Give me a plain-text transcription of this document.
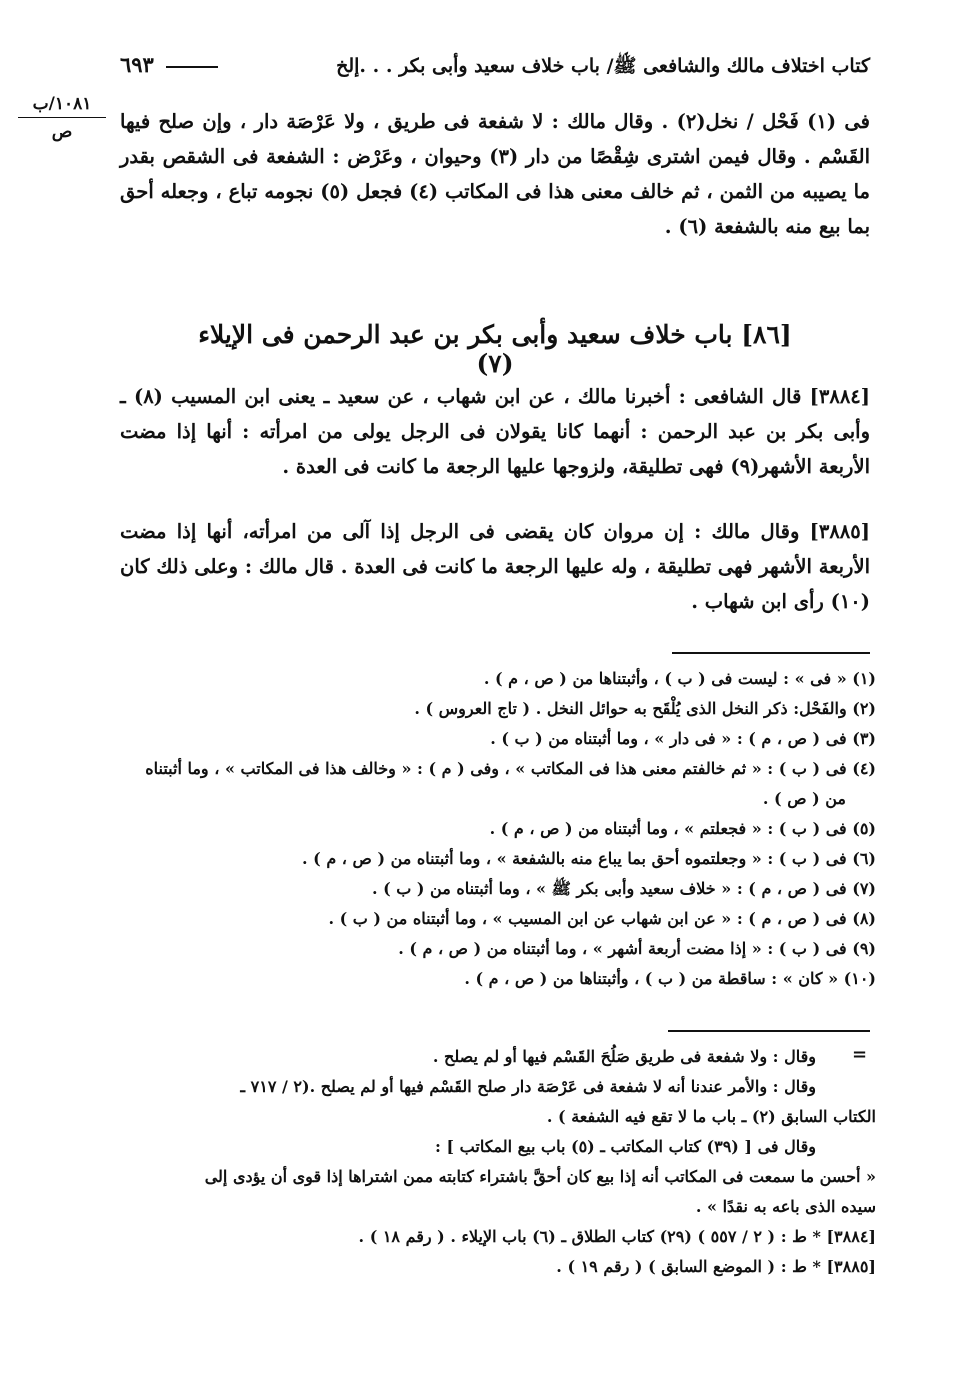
كتاب اختلاف مالك والشافعى ﷺ/ باب خلاف سعيد وأبى بكر . . .إلخ
٦٩٣
١٠٨١/ب
ص	فى (١) فَحْل / نخل(٢) . وقال مالك : لا شفعة فى طريق ، ولا عَرْصَة دار ، وإن صلح فيها القَسْم . وقال فيمن اشترى شِقْصًا من دار (٣) وحيوان ، وعَرْض : الشفعة فى الشقص بقدر ما يصيبه من الثمن ، ثم خالف معنى هذا فى المكاتب (٤) فجعل (٥) نجومه تباع ، وجعله أحق بما بيع منه بالشفعة (٦) .
[٨٦] باب خلاف سعيد وأبى بكر بن عبد الرحمن فى الإيلاء (٧)
[٣٨٨٤] قال الشافعى : أخبرنا مالك ، عن ابن شهاب ، عن سعيد ـ يعنى ابن المسيب (٨) ـ وأبى بكر بن عبد الرحمن : أنهما كانا يقولان فى الرجل يولى من امرأته : أنها إذا مضت الأربعة الأشهر(٩) فهى تطليقة، ولزوجها عليها الرجعة ما كانت فى العدة .
[٣٨٨٥] وقال مالك : إن مروان كان يقضى فى الرجل إذا آلى من امرأته، أنها إذا مضت الأربعة الأشهر فهى تطليقة ، وله عليها الرجعة ما كانت فى العدة . قال مالك : وعلى ذلك كان (١٠) رأى ابن شهاب .
(١) « فى » : ليست فى ( ب ) ، وأثبتناها من ( ص ، م ) .
(٢) والفَحْل: ذكر النخل الذى يُلْقَح به حوائل النخل . ( تاج العروس ) .
(٣) فى ( ص ، م ) : « فى دار » ، وما أثبتناه من ( ب ) .
(٤) فى ( ب ) : « ثم خالفتم معنى هذا فى المكاتب » ، وفى ( م ) : « وخالف هذا فى المكاتب » ، وما أثبتناه
من ( ص ) .
(٥) فى ( ب ) : « فجعلتم » ، وما أثبتناه من ( ص ، م ) .
(٦) فى ( ب ) : « وجعلتموه أحق بما يباع منه بالشفعة » ، وما أثبتناه من ( ص ، م ) .
(٧) فى ( ص ، م ) : « خلاف سعيد وأبى بكر ﷺ » ، وما أثبتناه من ( ب ) .
(٨) فى ( ص ، م ) : « عن ابن شهاب عن ابن المسيب » ، وما أثبتناه من ( ب ) .
(٩) فى ( ب ) : « إذا مضت أربعة أشهر » ، وما أثبتناه من ( ص ، م ) .
(١٠) « كان » : ساقطة من ( ب ) ، وأثبتناها من ( ص ، م ) .
=
وقال : ولا شفعة فى طريق صَلُحَ القَسْم فيها أو لم يصلح .
وقال : والأمر عندنا أنه لا شفعة فى عَرْصَة دار صلح القَسْم فيها أو لم يصلح .(٢ / ٧١٧ ـ
الكتاب السابق (٢) ـ باب ما لا تقع فيه الشفعة ) .
وقال فى [ (٣٩) كتاب المكاتب ـ (٥) باب بيع المكاتب ] :
« أحسن ما سمعت فى المكاتب أنه إذا بيع كان أحقَّ باشتراء كتابته ممن اشتراها إذا قوى أن يؤدى إلى
سيده الذى باعه به نقدًا » .
[٣٨٨٤] * ط : ( ٢ / ٥٥٧ ) (٢٩) كتاب الطلاق ـ (٦) باب الإيلاء . ( رقم ١٨ ) .
[٣٨٨٥] * ط : ( الموضع السابق ) ( رقم ١٩ ) .
